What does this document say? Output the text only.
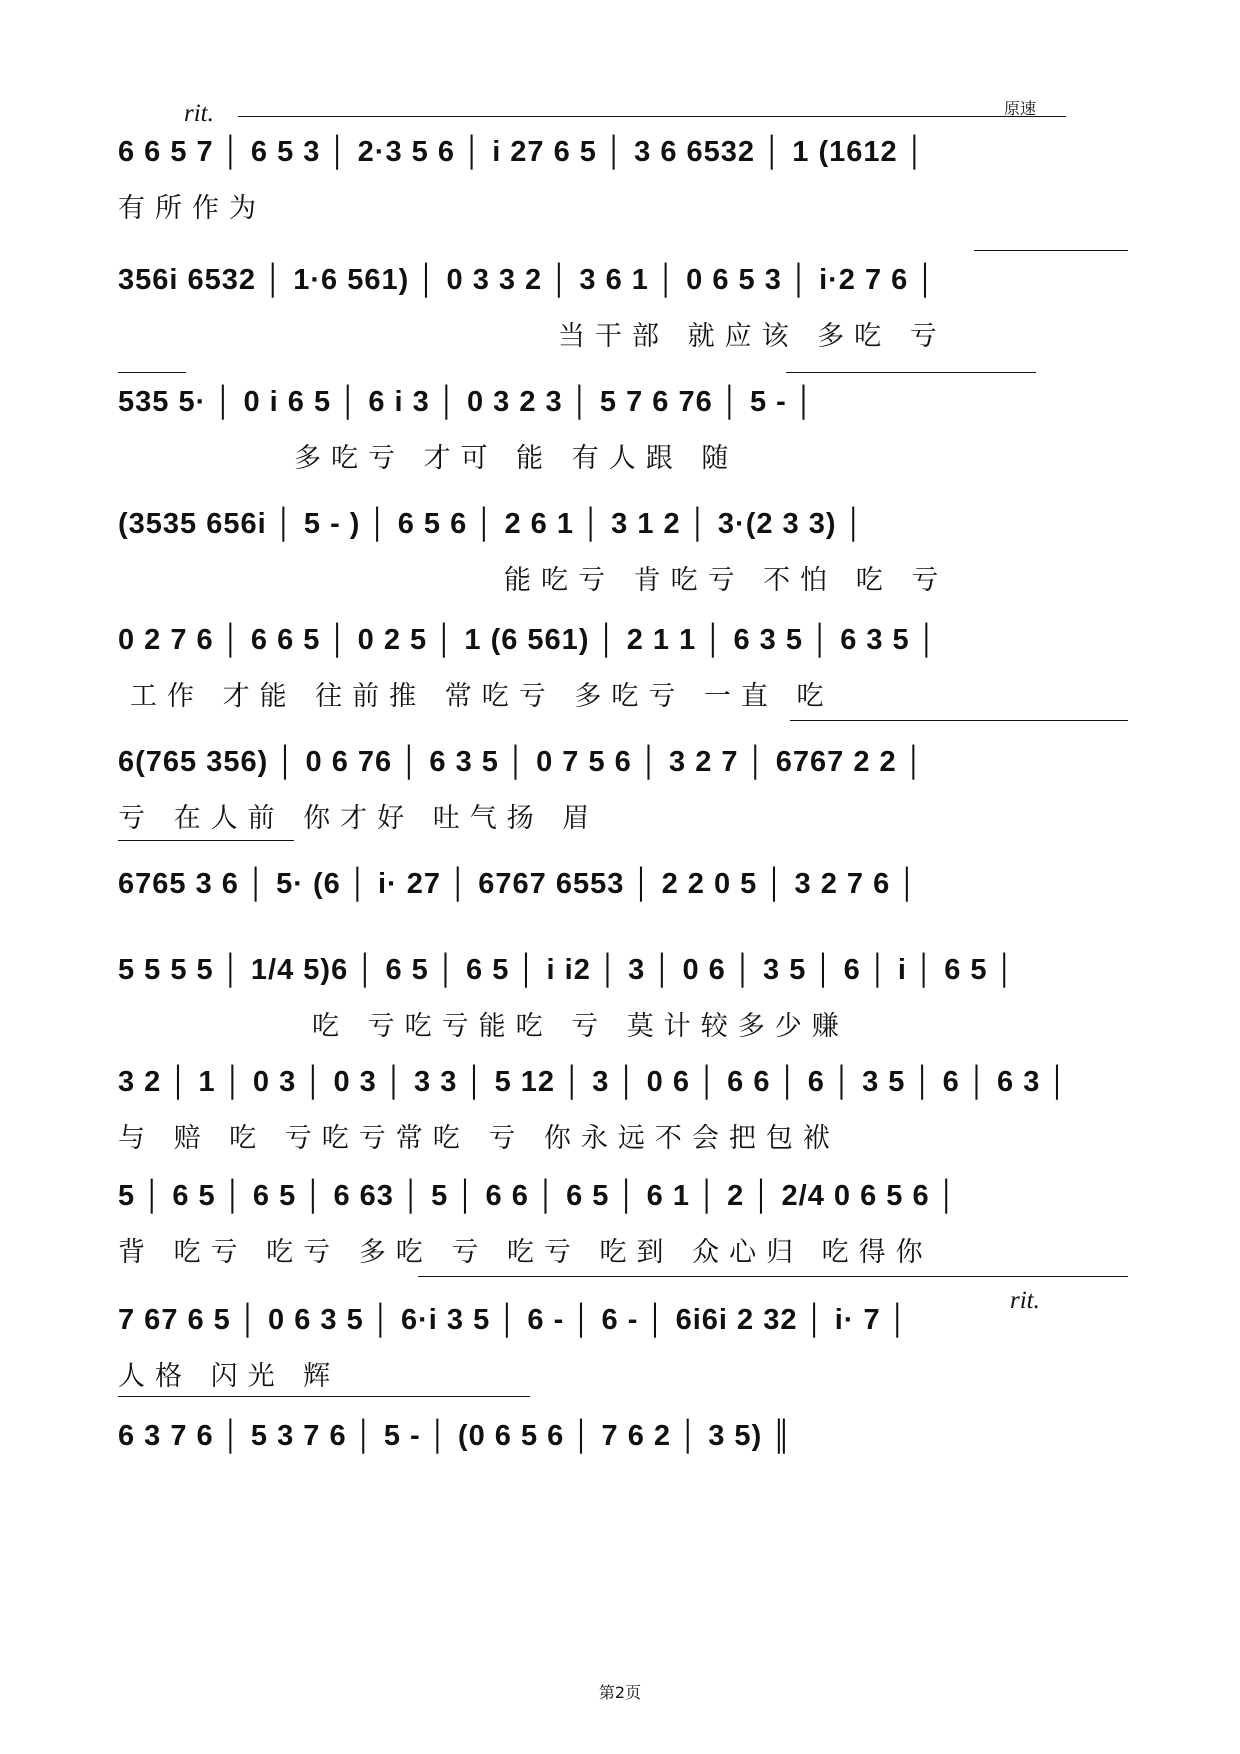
原速
rit.
rit.
6 6 5 7 │ 6 5 3 │ 2·3 5 6 │ i 27 6 5 │ 3 6 6532 │ 1 (1612 │
有所作为
356i 6532 │ 1·6 561) │ 0 3 3 2 │ 3 6 1 │ 0 6 5 3 │ i·2 7 6 │
当干部 就应该 多吃 亏
535 5· │ 0 i 6 5 │ 6 i 3 │ 0 3 2 3 │ 5 7 6 76 │ 5 - │
多吃亏 才可 能 有人跟 随
(3535 656i │ 5 - ) │ 6 5 6 │ 2 6 1 │ 3 1 2 │ 3·(2 3 3) │
能吃亏 肯吃亏 不怕 吃 亏
0 2 7 6 │ 6 6 5 │ 0 2 5 │ 1 (6 561) │ 2 1 1 │ 6 3 5 │ 6 3 5 │
工作 才能 往前推 常吃亏 多吃亏 一直 吃
6(765 356) │ 0 6 76 │ 6 3 5 │ 0 7 5 6 │ 3 2 7 │ 6767 2 2 │
亏 在人前 你才好 吐气扬 眉
6765 3 6 │ 5· (6 │ i· 27 │ 6767 6553 │ 2 2 0 5 │ 3 2 7 6 │
5 5 5 5 │ 1/4 5)6 │ 6 5 │ 6 5 │ i i2 │ 3 │ 0 6 │ 3 5 │ 6 │ i │ 6 5 │
吃 亏吃亏能吃 亏 莫计较多少赚
3 2 │ 1 │ 0 3 │ 0 3 │ 3 3 │ 5 12 │ 3 │ 0 6 │ 6 6 │ 6 │ 3 5 │ 6 │ 6 3 │
与 赔 吃 亏吃亏常吃 亏 你永远不会把包袱
5 │ 6 5 │ 6 5 │ 6 63 │ 5 │ 6 6 │ 6 5 │ 6 1 │ 2 │ 2/4 0 6 5 6 │
背 吃亏 吃亏 多吃 亏 吃亏 吃到 众心归 吃得你
7 67 6 5 │ 0 6 3 5 │ 6·i 3 5 │ 6 - │ 6 - │ 6i6i 2 32 │ i· 7 │
人格 闪光 辉
6 3 7 6 │ 5 3 7 6 │ 5 - │ (0 6 5 6 │ 7 6 2 │ 3 5) ║
第2页
